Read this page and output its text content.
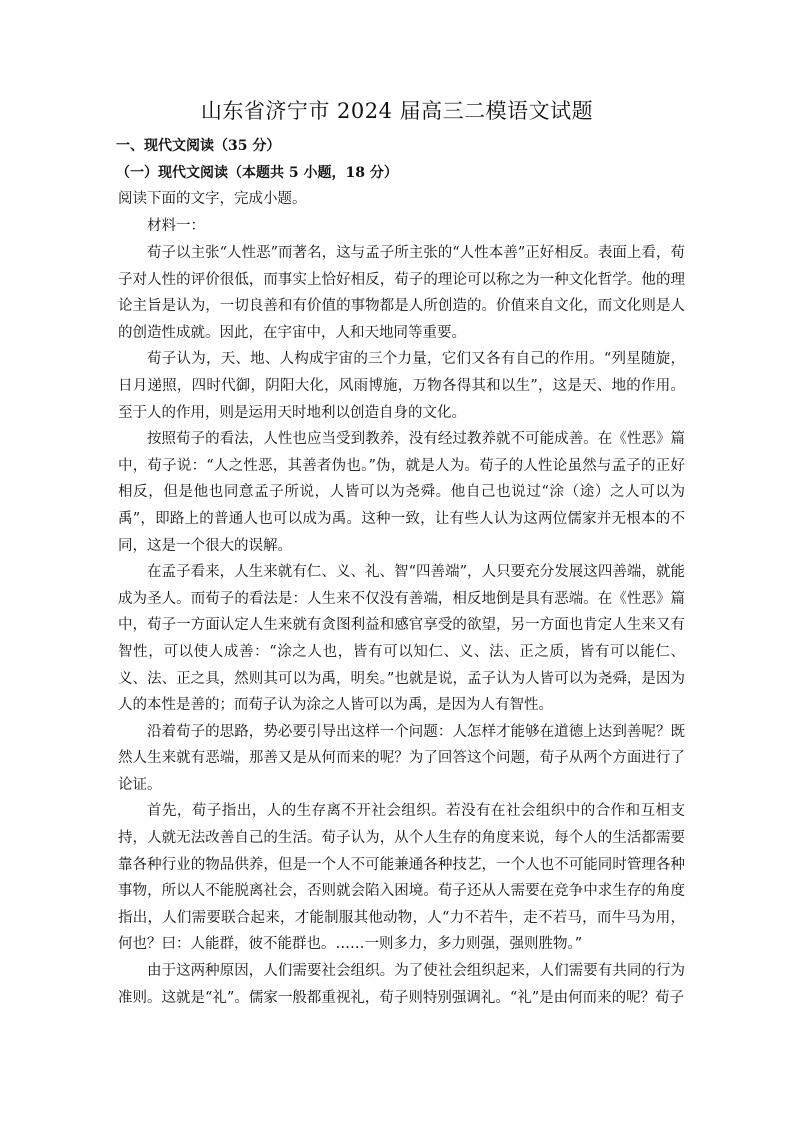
山东省济宁市 2024 届高三二模语文试题
一、现代文阅读（35 分）
（一）现代文阅读（本题共 5 小题，18 分）
阅读下面的文字，完成小题。
材料一：

荀子以主张“人性恶”而著名，这与孟子所主张的“人性本善”正好相反。表面上看，荀子对人性的评价很低，而事实上恰好相反，荀子的理论可以称之为一种文化哲学。他的理论主旨是认为，一切良善和有价值的事物都是人所创造的。价值来自文化，而文化则是人的创造性成就。因此，在宇宙中，人和天地同等重要。

荀子认为，天、地、人构成宇宙的三个力量，它们又各有自己的作用。“列星随旋，日月递照，四时代御，阴阳大化，风雨博施，万物各得其和以生”，这是天、地的作用。至于人的作用，则是运用天时地利以创造自身的文化。

按照荀子的看法，人性也应当受到教养，没有经过教养就不可能成善。在《性恶》篇中，荀子说：“人之性恶，其善者伪也。”伪，就是人为。荀子的人性论虽然与孟子的正好相反，但是他也同意孟子所说，人皆可以为尧舜。他自己也说过“涂（途）之人可以为禹”，即路上的普通人也可以成为禹。这种一致，让有些人认为这两位儒家并无根本的不同，这是一个很大的误解。

在孟子看来，人生来就有仁、义、礼、智“四善端”，人只要充分发展这四善端，就能成为圣人。而荀子的看法是：人生来不仅没有善端，相反地倒是具有恶端。在《性恶》篇中，荀子一方面认定人生来就有贪图利益和感官享受的欲望，另一方面也肯定人生来又有智性，可以使人成善：“涂之人也，皆有可以知仁、义、法、正之质，皆有可以能仁、义、法、正之具，然则其可以为禹，明矣。”也就是说，孟子认为人皆可以为尧舜，是因为人的本性是善的；而荀子认为涂之人皆可以为禹，是因为人有智性。

沿着荀子的思路，势必要引导出这样一个问题：人怎样才能够在道德上达到善呢？既然人生来就有恶端，那善又是从何而来的呢？为了回答这个问题，荀子从两个方面进行了论证。

首先，荀子指出，人的生存离不开社会组织。若没有在社会组织中的合作和互相支持，人就无法改善自己的生活。荀子认为，从个人生存的角度来说，每个人的生活都需要靠各种行业的物品供养，但是一个人不可能兼通各种技艺，一个人也不可能同时管理各种事物，所以人不能脱离社会，否则就会陷入困境。荀子还从人需要在竞争中求生存的角度指出，人们需要联合起来，才能制服其他动物，人“力不若牛，走不若马，而牛马为用，何也？曰：人能群，彼不能群也。……一则多力，多力则强，强则胜物。”

由于这两种原因，人们需要社会组织。为了使社会组织起来，人们需要有共同的行为准则。这就是“礼”。儒家一般都重视礼，荀子则特别强调礼。“礼”是由何而来的呢？荀子
